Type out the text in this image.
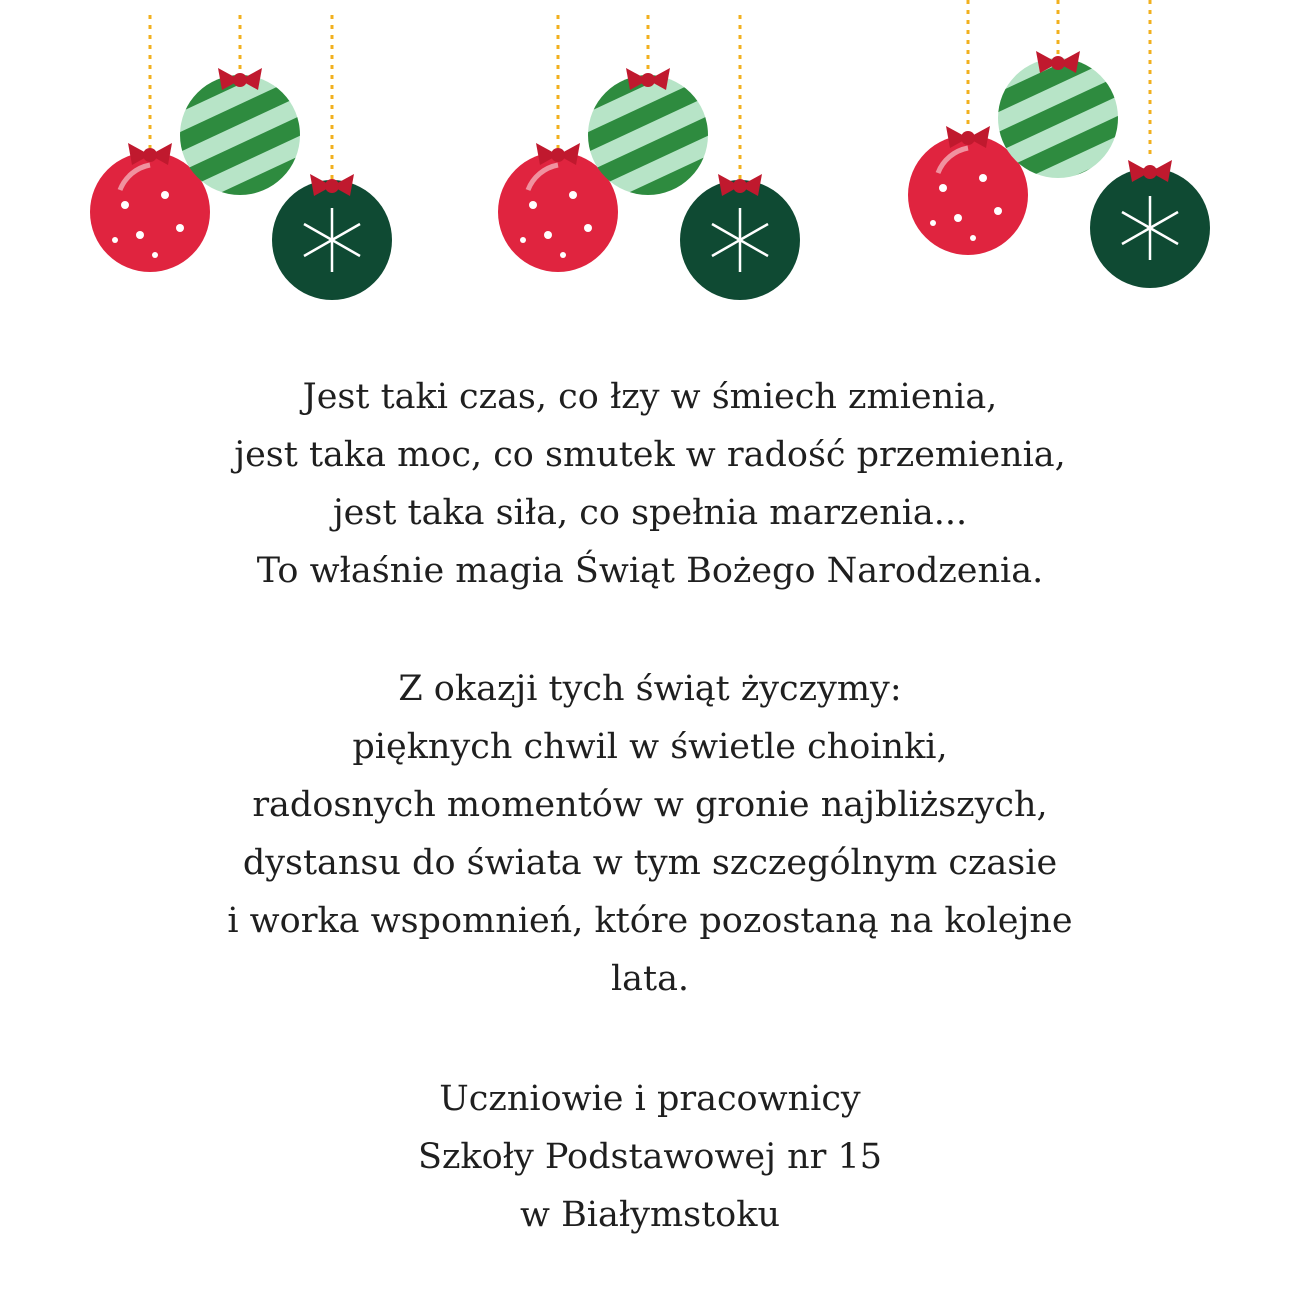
Jest taki czas, co łzy w śmiech zmienia,
jest taka moc, co smutek w radość przemienia,
jest taka siła, co spełnia marzenia...
To właśnie magia Świąt Bożego Narodzenia.
Z okazji tych świąt życzymy:
pięknych chwil w świetle choinki,
radosnych momentów w gronie najbliższych,
dystansu do świata w tym szczególnym czasie
i worka wspomnień, które pozostaną na kolejne
lata.
Uczniowie i pracownicy
Szkoły Podstawowej nr 15
w Białymstoku
